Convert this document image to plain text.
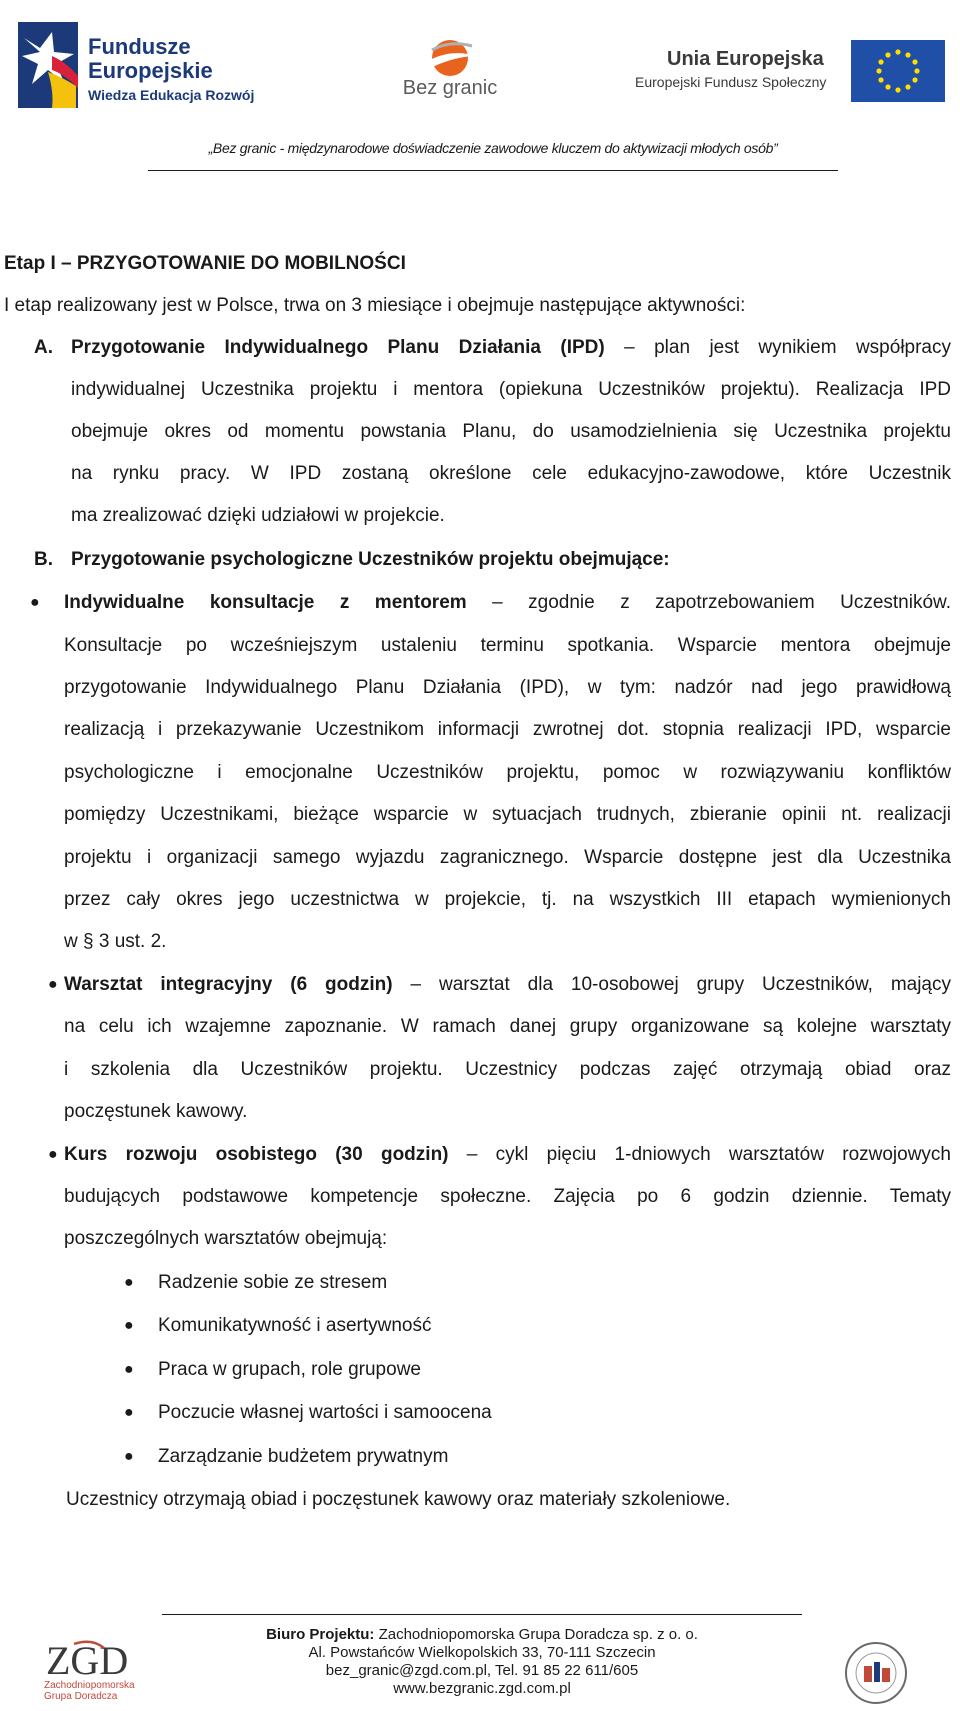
Fundusze
Europejskie
Wiedza Edukacja Rozwój	Bez granic
Unia Europejska
Europejski Fundusz Społeczny
„Bez granic - międzynarodowe doświadczenie zawodowe kluczem do aktywizacji młodych osób”
Etap I – PRZYGOTOWANIE DO MOBILNOŚCI
I etap realizowany jest w Polsce, trwa on 3 miesiące i obejmuje następujące aktywności:
A. Przygotowanie Indywidualnego Planu Działania (IPD) – plan jest wynikiem współpracy
indywidualnej Uczestnika projektu i mentora (opiekuna Uczestników projektu). Realizacja IPD
obejmuje okres od momentu powstania Planu, do usamodzielnienia się Uczestnika projektu
na rynku pracy. W IPD zostaną określone cele edukacyjno-zawodowe, które Uczestnik
ma zrealizować dzięki udziałowi w projekcie.
B. Przygotowanie psychologiczne Uczestników projektu obejmujące:
● Indywidualne konsultacje z mentorem – zgodnie z zapotrzebowaniem Uczestników.
Konsultacje po wcześniejszym ustaleniu terminu spotkania. Wsparcie mentora obejmuje
przygotowanie Indywidualnego Planu Działania (IPD), w tym: nadzór nad jego prawidłową
realizacją i przekazywanie Uczestnikom informacji zwrotnej dot. stopnia realizacji IPD, wsparcie
psychologiczne i emocjonalne Uczestników projektu, pomoc w rozwiązywaniu konfliktów
pomiędzy Uczestnikami, bieżące wsparcie w sytuacjach trudnych, zbieranie opinii nt. realizacji
projektu i organizacji samego wyjazdu zagranicznego. Wsparcie dostępne jest dla Uczestnika
przez cały okres jego uczestnictwa w projekcie, tj. na wszystkich III etapach wymienionych
w § 3 ust. 2.
● Warsztat integracyjny (6 godzin) – warsztat dla 10-osobowej grupy Uczestników, mający
na celu ich wzajemne zapoznanie. W ramach danej grupy organizowane są kolejne warsztaty
i szkolenia dla Uczestników projektu. Uczestnicy podczas zajęć otrzymają obiad oraz
poczęstunek kawowy.
● Kurs rozwoju osobistego (30 godzin) – cykl pięciu 1-dniowych warsztatów rozwojowych
budujących podstawowe kompetencje społeczne. Zajęcia po 6 godzin dziennie. Tematy
poszczególnych warsztatów obejmują:
● Radzenie sobie ze stresem
● Komunikatywność i asertywność
● Praca w grupach, role grupowe
● Poczucie własnej wartości i samoocena
● Zarządzanie budżetem prywatnym
Uczestnicy otrzymają obiad i poczęstunek kawowy oraz materiały szkoleniowe.
Biuro Projektu: Zachodniopomorska Grupa Doradcza sp. z o. o.
Al. Powstańców Wielkopolskich 33, 70-111 Szczecin
bez_granic@zgd.com.pl, Tel. 91 85 22 611/605
www.bezgranic.zgd.com.pl
ZGD
Zachodniopomorska
Grupa Doradcza
